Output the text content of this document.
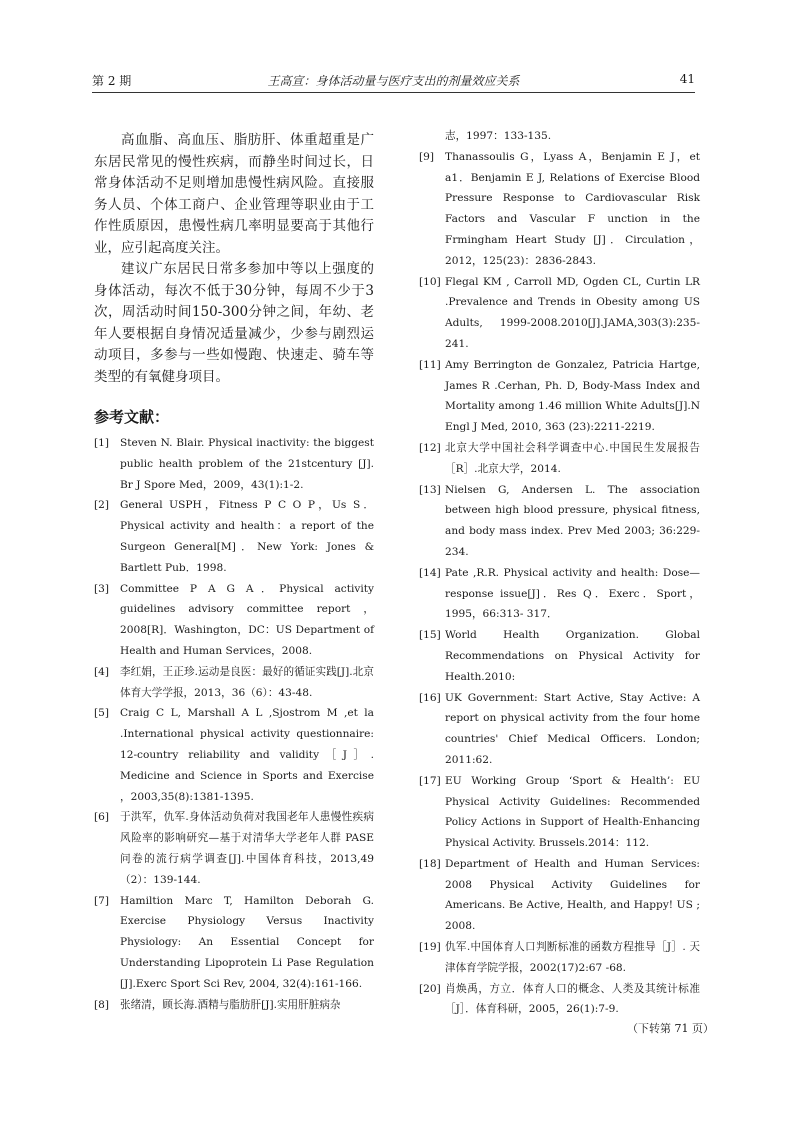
第 2 期	王高宣：身体活动量与医疗支出的剂量效应关系	41

高血脂、高血压、脂肪肝、体重超重是广东居民常见的慢性疾病，而静坐时间过长，日常身体活动不足则增加患慢性病风险。直接服务人员、个体工商户、企业管理等职业由于工作性质原因，患慢性病几率明显要高于其他行业，应引起高度关注。

建议广东居民日常多参加中等以上强度的身体活动，每次不低于30分钟，每周不少于3次，周活动时间150-300分钟之间，年幼、老年人要根据自身情况适量减少，少参与剧烈运动项目，多参与一些如慢跑、快速走、骑车等类型的有氧健身项目。

参考文献：

[1] Steven N. Blair. Physical inactivity: the biggest public health problem of the 21stcentury [J]. Br J Spore Med，2009，43(1):1-2.

[2] General USPH，Fitness P C O P，Us S．Physical activity and health：a report of the Surgeon General[M]．New York: Jones & Bartlett Pub．1998.

[3] Committee P A G A．Physical activity guidelines advisory committee report ，2008[R]．Washington，DC：US Department of Health and Human Services，2008.

[4] 李红娟，王正珍.运动是良医：最好的循证实践[J].北京体育大学学报，2013，36（6）：43-48.

[5] Craig C L, Marshall A L ,Sjostrom M ,et la .International physical activity questionnaire: 12-country reliability and validity［J］. Medicine and Science in Sports and Exercise ，2003,35(8):1381-1395.

[6] 于洪军，仇军.身体活动负荷对我国老年人患慢性疾病风险率的影响研究—基于对清华大学老年人群 PASE 问卷的流行病学调查[J].中国体育科技，2013,49（2）：139-144.

[7] Hamiltion Marc T, Hamilton Deborah G. Exercise Physiology Versus Inactivity Physiology: An Essential Concept for Understanding Lipoprotein Li Pase Regulation [J].Exerc Sport Sci Rev, 2004, 32(4):161-166.

[8] 张绪清，顾长海.酒精与脂肪肝[J].实用肝脏病杂

志，1997：133-135.

[9] Thanassoulis G，Lyass A，Benjamin E J，et a1．Benjamin E J, Relations of Exercise Blood Pressure Response to Cardiovascular Risk Factors and Vascular F unction in the Frmingham Heart Study [J]．Circulation，2012，125(23)：2836-2843.

[10] Flegal KM , Carroll MD, Ogden CL, Curtin LR .Prevalence and Trends in Obesity among US Adults, 1999-2008.2010[J].JAMA,303(3):235-241.

[11] Amy Berrington de Gonzalez, Patricia Hartge, James R .Cerhan, Ph. D, Body-Mass Index and Mortality among 1.46 million White Adults[J].N Engl J Med, 2010, 363 (23):2211-2219.

[12] 北京大学中国社会科学调查中心.中国民生发展报告［R］.北京大学，2014.

[13] Nielsen G, Andersen L. The association between high blood pressure, physical fitness, and body mass index. Prev Med 2003; 36:229-234.

[14] Pate ,R.R. Physical activity and health: Dose—response issue[J]．Res Q．Exerc．Sport，1995，66:313- 317．

[15] World Health Organization. Global Recommendations on Physical Activity for Health.2010:

[16] UK Government: Start Active, Stay Active: A report on physical activity from the four home countries' Chief Medical Officers. London; 2011:62.

[17] EU Working Group ‘Sport & Health’: EU Physical Activity Guidelines: Recommended Policy Actions in Support of Health-Enhancing Physical Activity. Brussels.2014：112.

[18] Department of Health and Human Services: 2008 Physical Activity Guidelines for Americans. Be Active, Health, and Happy! US ; 2008.

[19] 仇军.中国体育人口判断标准的函数方程推导［J］. 天津体育学院学报，2002(17)2:67 -68.

[20] 肖焕禹，方立．体育人口的概念、人类及其统计标准［J］．体育科研，2005，26(1):7-9.

（下转第 71 页）
